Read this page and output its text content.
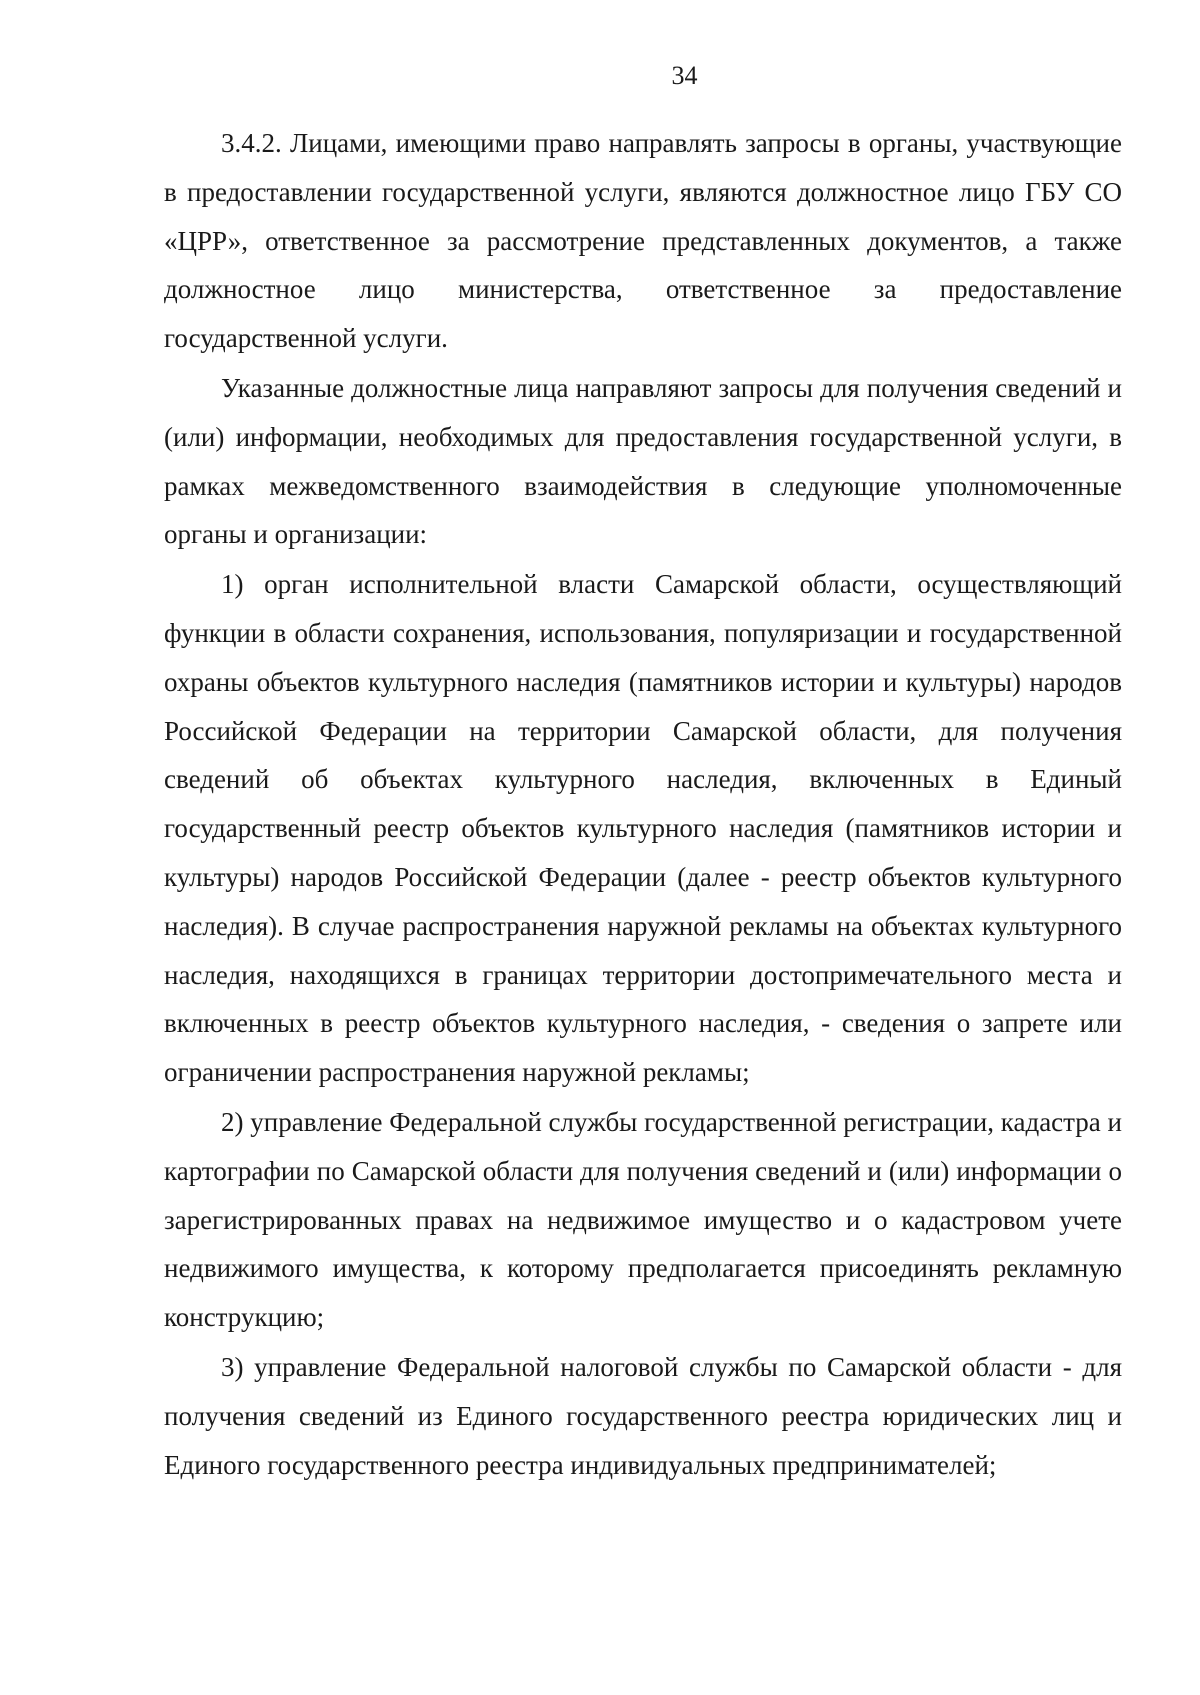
34

3.4.2. Лицами, имеющими право направлять запросы в органы, участвующие в предоставлении государственной услуги, являются должностное лицо ГБУ СО «ЦРР», ответственное за рассмотрение представленных документов, а также должностное лицо министерства, ответственное за предоставление государственной услуги.

Указанные должностные лица направляют запросы для получения сведений и (или) информации, необходимых для предоставления государственной услуги, в рамках межведомственного взаимодействия в следующие уполномоченные органы и организации:

1) орган исполнительной власти Самарской области, осуществляющий функции в области сохранения, использования, популяризации и государственной охраны объектов культурного наследия (памятников истории и культуры) народов Российской Федерации на территории Самарской области, для получения сведений об объектах культурного наследия, включенных в Единый государственный реестр объектов культурного наследия (памятников истории и культуры) народов Российской Федерации (далее - реестр объектов культурного наследия). В случае распространения наружной рекламы на объектах культурного наследия, находящихся в границах территории достопримечательного места и включенных в реестр объектов культурного наследия, - сведения о запрете или ограничении распространения наружной рекламы;

2) управление Федеральной службы государственной регистрации, кадастра и картографии по Самарской области для получения сведений и (или) информации о зарегистрированных правах на недвижимое имущество и о кадастровом учете недвижимого имущества, к которому предполагается присоединять рекламную конструкцию;

3) управление Федеральной налоговой службы по Самарской области - для получения сведений из Единого государственного реестра юридических лиц и Единого государственного реестра индивидуальных предпринимателей;
